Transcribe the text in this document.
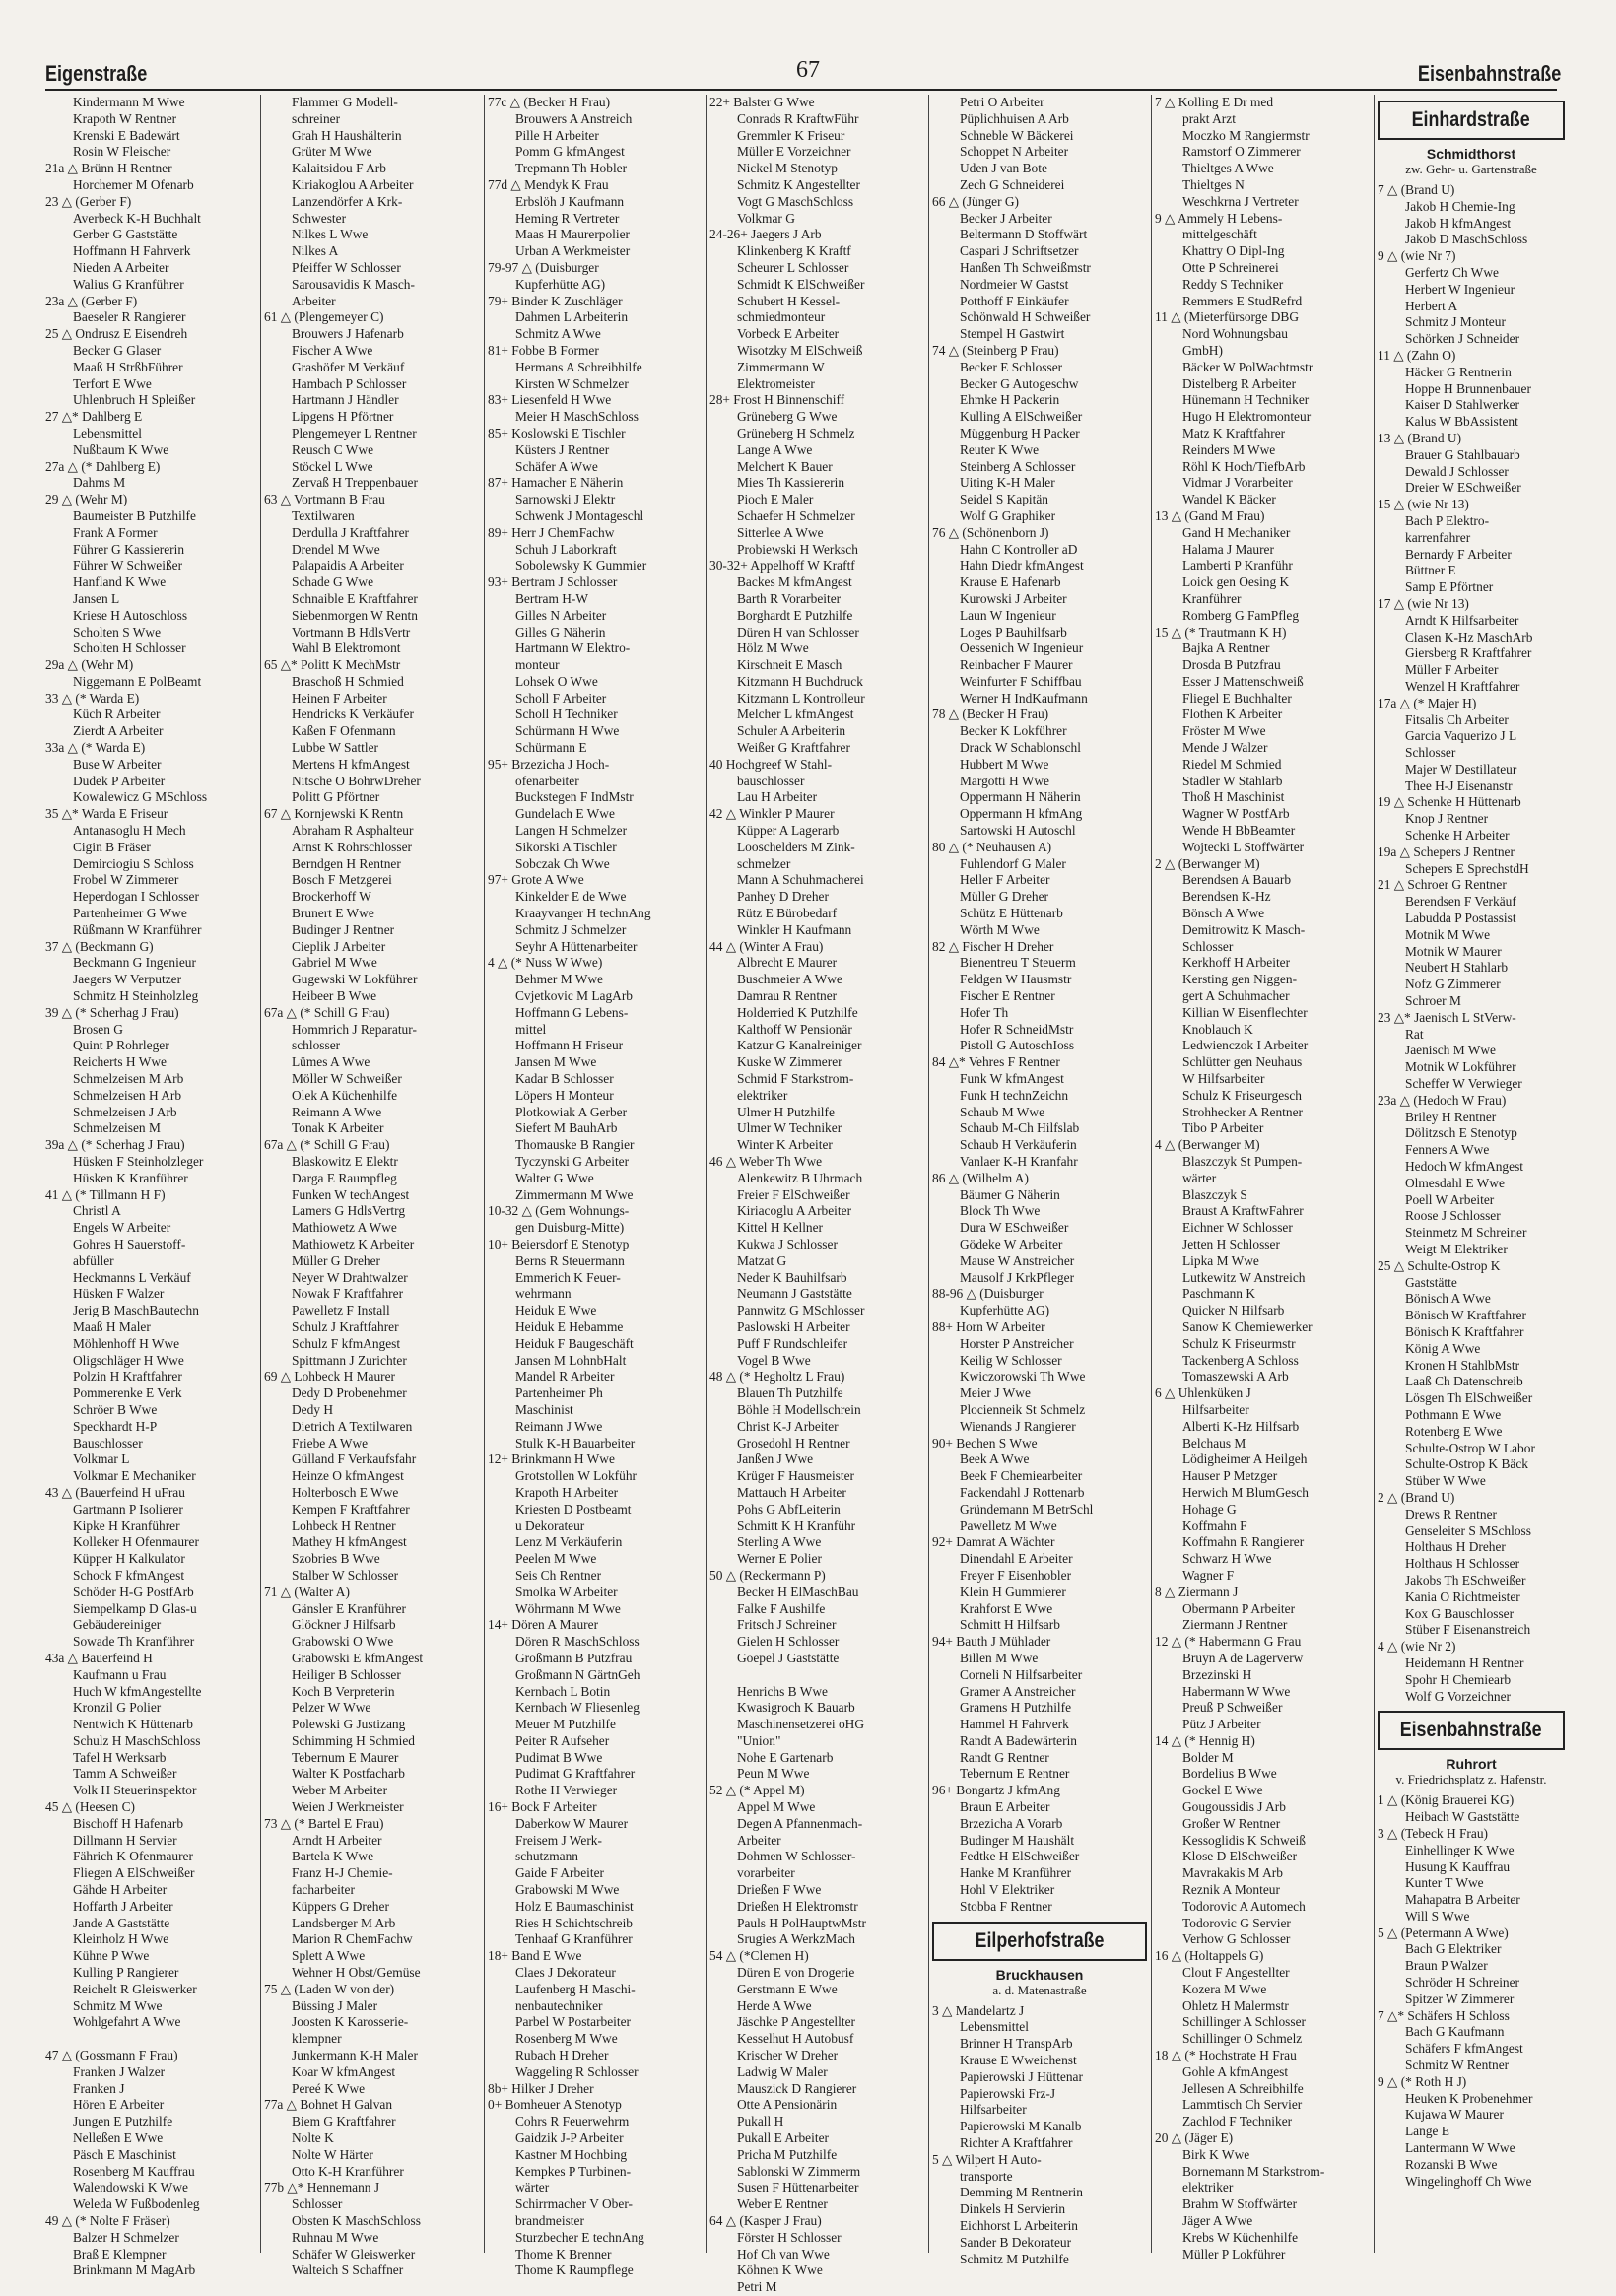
Eigenstraße	67	Eisenbahnstraße
Kindermann M Wwe
Krapoth W Rentner
Krenski E Badewärt
Rosin W Fleischer
21a △ Brünn H Rentner
Horchemer M Ofenarb
23 △ (Gerber F)
Averbeck K-H Buchhalt
Gerber G Gaststätte
Hoffmann H Fahrverk
Nieden A Arbeiter
Walius G Kranführer
23a △ (Gerber F)
Baeseler R Rangierer
25 △ Ondrusz E Eisendreh
Becker G Glaser
Maaß H StrßbFührer
Terfort E Wwe
Uhlenbruch H Spleißer
27 △* Dahlberg E
Lebensmittel
Nußbaum K Wwe
27a △ (* Dahlberg E)
Dahms M
29 △ (Wehr M)
Baumeister B Putzhilfe
Frank A Former
Führer G Kassiererin
Führer W Schweißer
Hanfland K Wwe
Jansen L
Kriese H Autoschloss
Scholten S Wwe
Scholten H Schlosser
29a △ (Wehr M)
Niggemann E PolBeamt
33 △ (* Warda E)
Küch R Arbeiter
Zierdt A Arbeiter
33a △ (* Warda E)
Buse W Arbeiter
Dudek P Arbeiter
Kowalewicz G MSchloss
35 △* Warda E Friseur
Antanasoglu H Mech
Cigin B Fräser
Demirciogiu S Schloss
Frobel W Zimmerer
Heperdogan I Schlosser
Partenheimer G Wwe
Rüßmann W Kranführer
37 △ (Beckmann G)
Beckmann G Ingenieur
Jaegers W Verputzer
Schmitz H Steinholzleg
39 △ (* Scherhag J Frau)
Brosen G
Quint P Rohrleger
Reicherts H Wwe
Schmelzeisen M Arb
Schmelzeisen H Arb
Schmelzeisen J Arb
Schmelzeisen M
39a △ (* Scherhag J Frau)
Hüsken F Steinholzleger
Hüsken K Kranführer
41 △ (* Tillmann H F)
Christl A
Engels W Arbeiter
Gohres H Sauerstoff-
abfüller
Heckmanns L Verkäuf
Hüsken F Walzer
Jerig B MaschBautechn
Maaß H Maler
Möhlenhoff H Wwe
Oligschläger H Wwe
Polzin H Kraftfahrer
Pommerenke E Verk
Schröer B Wwe
Speckhardt H-P
Bauschlosser
Volkmar L
Volkmar E Mechaniker
43 △ (Bauerfeind H uFrau
Gartmann P Isolierer
Kipke H Kranführer
Kolleker H Ofenmaurer
Küpper H Kalkulator
Schock F kfmAngest
Schöder H-G PostfArb
Siempelkamp D Glas-u
Gebäudereiniger
Sowade Th Kranführer
43a △ Bauerfeind H
Kaufmann u Frau
Huch W kfmAngestellte
Kronzil G Polier
Nentwich K Hüttenarb
Schulz H MaschSchloss
Tafel H Werksarb
Tamm A Schweißer
Volk H Steuerinspektor
45 △ (Heesen C)
Bischoff H Hafenarb
Dillmann H Servier
Fährich K Ofenmaurer
Fliegen A ElSchweißer
Gähde H Arbeiter
Hoffarth J Arbeiter
Jande A Gaststätte
Kleinholz H Wwe
Kühne P Wwe
Kulling P Rangierer
Reichelt R Gleiswerker
Schmitz M Wwe
Wohlgefahrt A Wwe

47 △ (Gossmann F Frau)
Franken J Walzer
Franken J
Hören E Arbeiter
Jungen E Putzhilfe
Nelleßen E Wwe
Päsch E Maschinist
Rosenberg M Kauffrau
Walendowski K Wwe
Weleda W Fußbodenleg
49 △ (* Nolte F Fräser)
Balzer H Schmelzer
Braß E Klempner
Brinkmann M MagArb
Flammer G Modell-
schreiner
Grah H Haushälterin
Grüter M Wwe
Kalaitsidou F Arb
Kiriakoglou A Arbeiter
Lanzendörfer A Krk-
Schwester
Nilkes L Wwe
Nilkes A
Pfeiffer W Schlosser
Sarousavidis K Masch-
Arbeiter
61 △ (Plengemeyer C)
Brouwers J Hafenarb
Fischer A Wwe
Grashöfer M Verkäuf
Hambach P Schlosser
Hartmann J Händler
Lipgens H Pförtner
Plengemeyer L Rentner
Reusch C Wwe
Stöckel L Wwe
Zervaß H Treppenbauer
63 △ Vortmann B Frau
Textilwaren
Derdulla J Kraftfahrer
Drendel M Wwe
Palapaidis A Arbeiter
Schade G Wwe
Schnaible E Kraftfahrer
Siebenmorgen W Rentn
Vortmann B HdlsVertr
Wahl B Elektromont
65 △* Politt K MechMstr
Braschoß H Schmied
Heinen F Arbeiter
Hendricks K Verkäufer
Kaßen F Ofenmann
Lubbe W Sattler
Mertens H kfmAngest
Nitsche O BohrwDreher
Politt G Pförtner
67 △ Kornjewski K Rentn
Abraham R Asphalteur
Arnst K Rohrschlosser
Berndgen H Rentner
Bosch F Metzgerei
Brockerhoff W
Brunert E Wwe
Budinger J Rentner
Cieplik J Arbeiter
Gabriel M Wwe
Gugewski W Lokführer
Heibeer B Wwe
67a △ (* Schill G Frau)
Hommrich J Reparatur-
schlosser
Lümes A Wwe
Möller W Schweißer
Olek A Küchenhilfe
Reimann A Wwe
Tonak K Arbeiter
67a △ (* Schill G Frau)
Blaskowitz E Elektr
Darga E Raumpfleg
Funken W techAngest
Lamers G HdlsVertrg
Mathiowetz A Wwe
Mathiowetz K Arbeiter
Müller G Dreher
Neyer W Drahtwalzer
Nowak F Kraftfahrer
Pawelletz F Install
Schulz J Kraftfahrer
Schulz F kfmAngest
Spittmann J Zurichter
69 △ Lohbeck H Maurer
Dedy D Probenehmer
Dedy H
Dietrich A Textilwaren
Friebe A Wwe
Gülland F Verkaufsfahr
Heinze O kfmAngest
Holterbosch E Wwe
Kempen F Kraftfahrer
Lohbeck H Rentner
Mathey H kfmAngest
Szobries B Wwe
Stalber W Schlosser
71 △ (Walter A)
Gänsler E Kranführer
Glöckner J Hilfsarb
Grabowski O Wwe
Grabowski E kfmAngest
Heiliger B Schlosser
Koch B Verpreterin
Pelzer W Wwe
Polewski G Justizang
Schimming H Schmied
Tebernum E Maurer
Walter K Postfacharb
Weber M Arbeiter
Weien J Werkmeister
73 △ (* Bartel E Frau)
Arndt H Arbeiter
Bartela K Wwe
Franz H-J Chemie-
facharbeiter
Küppers G Dreher
Landsberger M Arb
Marion R ChemFachw
Splett A Wwe
Wehner H Obst/Gemüse
75 △ (Laden W von der)
Büssing J Maler
Joosten K Karosserie-
klempner
Junkermann K-H Maler
Koar W kfmAngest
Pereé K Wwe
77a △ Bohnet H Galvan
Biem G Kraftfahrer
Nolte K
Nolte W Härter
Otto K-H Kranführer
77b △* Hennemann J
Schlosser
Obsten K MaschSchloss
Ruhnau M Wwe
Schäfer W Gleiswerker
Walteich S Schaffner
77c △ (Becker H Frau)
Brouwers A Anstreich
Pille H Arbeiter
Pomm G kfmAngest
Trepmann Th Hobler
77d △ Mendyk K Frau
Erbslöh J Kaufmann
Heming R Vertreter
Maas H Maurerpolier
Urban A Werkmeister
79-97 △ (Duisburger
Kupferhütte AG)
79+ Binder K Zuschläger
Dahmen L Arbeiterin
Schmitz A Wwe
81+ Fobbe B Former
Hermans A Schreibhilfe
Kirsten W Schmelzer
83+ Liesenfeld H Wwe
Meier H MaschSchloss
85+ Koslowski E Tischler
Küsters J Rentner
Schäfer A Wwe
87+ Hamacher E Näherin
Sarnowski J Elektr
Schwenk J Montageschl
89+ Herr J ChemFachw
Schuh J Laborkraft
Sobolewsky K Gummier
93+ Bertram J Schlosser
Bertram H-W
Gilles N Arbeiter
Gilles G Näherin
Hartmann W Elektro-
monteur
Lohsek O Wwe
Scholl F Arbeiter
Scholl H Techniker
Schürmann H Wwe
Schürmann E
95+ Brzezicha J Hoch-
ofenarbeiter
Buckstegen F IndMstr
Gundelach E Wwe
Langen H Schmelzer
Sikorski A Tischler
Sobczak Ch Wwe
97+ Grote A Wwe
Kinkelder E de Wwe
Kraayvanger H technAng
Schmitz J Schmelzer
Seyhr A Hüttenarbeiter
4 △ (* Nuss W Wwe)
Behmer M Wwe
Cvjetkovic M LagArb
Hoffmann G Lebens-
mittel
Hoffmann H Friseur
Jansen M Wwe
Kadar B Schlosser
Löpers H Monteur
Plotkowiak A Gerber
Siefert M BauhArb
Thomauske B Rangier
Tyczynski G Arbeiter
Walter G Wwe
Zimmermann M Wwe
10-32 △ (Gem Wohnungs-
gen Duisburg-Mitte)
10+ Beiersdorf E Stenotyp
Berns R Steuermann
Emmerich K Feuer-
wehrmann
Heiduk E Wwe
Heiduk E Hebamme
Heiduk F Baugeschäft
Jansen M LohnbHalt
Mandel R Arbeiter
Partenheimer Ph
Maschinist
Reimann J Wwe
Stulk K-H Bauarbeiter
12+ Brinkmann H Wwe
Grotstollen W Lokführ
Krapoth H Arbeiter
Kriesten D Postbeamt
u Dekorateur
Lenz M Verkäuferin
Peelen M Wwe
Seis Ch Rentner
Smolka W Arbeiter
Wöhrmann M Wwe
14+ Dören A Maurer
Dören R MaschSchloss
Großmann B Putzfrau
Großmann N GärtnGeh
Kernbach L Botin
Kernbach W Fliesenleg
Meuer M Putzhilfe
Peiter R Aufseher
Pudimat B Wwe
Pudimat G Kraftfahrer
Rothe H Verwieger
16+ Bock F Arbeiter
Daberkow W Maurer
Freisem J Werk-
schutzmann
Gaide F Arbeiter
Grabowski M Wwe
Holz E Baumaschinist
Ries H Schichtschreib
Tenhaaf G Kranführer
18+ Band E Wwe
Claes J Dekorateur
Laufenberg H Maschi-
nenbautechniker
Parbel W Postarbeiter
Rosenberg M Wwe
Rubach H Dreher
Waggeling R Schlosser
8b+ Hilker J Dreher
0+ Bomheuer A Stenotyp
Cohrs R Feuerwehrm
Gaidzik J-P Arbeiter
Kastner M Hochbing
Kempkes P Turbinen-
wärter
Schirrmacher V Ober-
brandmeister
Sturzbecher E technAng
Thome K Brenner
Thome K Raumpflege
22+ Balster G Wwe
Conrads R KraftwFühr
Gremmler K Friseur
Müller E Vorzeichner
Nickel M Stenotyp
Schmitz K Angestellter
Vogt G MaschSchloss
Volkmar G
24-26+ Jaegers J Arb
Klinkenberg K Kraftf
Scheurer L Schlosser
Schmidt K ElSchweißer
Schubert H Kessel-
schmiedmonteur
Vorbeck E Arbeiter
Wisotzky M ElSchweiß
Zimmermann W
Elektromeister
28+ Frost H Binnenschiff
Grüneberg G Wwe
Grüneberg H Schmelz
Lange A Wwe
Melchert K Bauer
Mies Th Kassiererin
Pioch E Maler
Schaefer H Schmelzer
Sitterlee A Wwe
Probiewski H Werksch
30-32+ Appelhoff W Kraftf
Backes M kfmAngest
Barth R Vorarbeiter
Borghardt E Putzhilfe
Düren H van Schlosser
Hölz M Wwe
Kirschneit E Masch
Kitzmann H Buchdruck
Kitzmann L Kontrolleur
Melcher L kfmAngest
Schuler A Arbeiterin
Weißer G Kraftfahrer
40 Hochgreef W Stahl-
bauschlosser
Lau H Arbeiter
42 △ Winkler P Maurer
Küpper A Lagerarb
Looschelders M Zink-
schmelzer
Mann A Schuhmacherei
Panhey D Dreher
Rütz E Bürobedarf
Winkler H Kaufmann
44 △ (Winter A Frau)
Albrecht E Maurer
Buschmeier A Wwe
Damrau R Rentner
Holderried K Putzhilfe
Kalthoff W Pensionär
Katzur G Kanalreiniger
Kuske W Zimmerer
Schmid F Starkstrom-
elektriker
Ulmer H Putzhilfe
Ulmer W Techniker
Winter K Arbeiter
46 △ Weber Th Wwe
Alenkewitz B Uhrmach
Freier F ElSchweißer
Kiriacoglu A Arbeiter
Kittel H Kellner
Kukwa J Schlosser
Matzat G
Neder K Bauhilfsarb
Neumann J Gaststätte
Pannwitz G MSchlosser
Paslowski H Arbeiter
Puff F Rundschleifer
Vogel B Wwe
48 △ (* Hegholtz L Frau)
Blauen Th Putzhilfe
Böhle H Modellschrein
Christ K-J Arbeiter
Grosedohl H Rentner
Janßen J Wwe
Krüger F Hausmeister
Mattauch H Arbeiter
Pohs G AbfLeiterin
Schmitt K H Kranführ
Sterling A Wwe
Werner E Polier
50 △ (Reckermann P)
Becker H ElMaschBau
Falke F Aushilfe
Fritsch J Schreiner
Gielen H Schlosser
Goepel J Gaststätte

Henrichs B Wwe
Kwasigroch K Bauarb
Maschinensetzerei oHG
"Union"
Nohe E Gartenarb
Peun M Wwe
52 △ (* Appel M)
Appel M Wwe
Degen A Pfannenmach-
Arbeiter
Dohmen W Schlosser-
vorarbeiter
Drießen F Wwe
Drießen H Elektromstr
Pauls H PolHauptwMstr
Srugies A WerkzMach
54 △ (*Clemen H)
Düren E von Drogerie
Gerstmann E Wwe
Herde A Wwe
Jäschke P Angestellter
Kesselhut H Autobusf
Krischer W Dreher
Ladwig W Maler
Mauszick D Rangierer
Otte A Pensionärin
Pukall H
Pukall E Arbeiter
Pricha M Putzhilfe
Sablonski W Zimmerm
Susen F Hüttenarbeiter
Weber E Rentner
64 △ (Kasper J Frau)
Förster H Schlosser
Hof Ch van Wwe
Köhnen K Wwe
Petri M
Petri O Arbeiter
Püplichhuisen A Arb
Schneble W Bäckerei
Schoppet N Arbeiter
Uden J van Bote
Zech G Schneiderei
66 △ (Jünger G)
Becker J Arbeiter
Beltermann D Stoffwärt
Caspari J Schriftsetzer
Hanßen Th Schweißmstr
Nordmeier W Gastst
Potthoff F Einkäufer
Schönwald H Schweißer
Stempel H Gastwirt
74 △ (Steinberg P Frau)
Becker E Schlosser
Becker G Autogeschw
Ehmke H Packerin
Kulling A ElSchweißer
Müggenburg H Packer
Reuter K Wwe
Steinberg A Schlosser
Uiting K-H Maler
Seidel S Kapitän
Wolf G Graphiker
76 △ (Schönenborn J)
Hahn C Kontroller aD
Hahn Diedr kfmAngest
Krause E Hafenarb
Kurowski J Arbeiter
Laun W Ingenieur
Loges P Bauhilfsarb
Oessenich W Ingenieur
Reinbacher F Maurer
Weinfurter F Schiffbau
Werner H IndKaufmann
78 △ (Becker H Frau)
Becker K Lokführer
Drack W Schablonschl
Hubbert M Wwe
Margotti H Wwe
Oppermann H Näherin
Oppermann H kfmAng
Sartowski H Autoschl
80 △ (* Neuhausen A)
Fuhlendorf G Maler
Heller F Arbeiter
Müller G Dreher
Schütz E Hüttenarb
Wörth M Wwe
82 △ Fischer H Dreher
Bienentreu T Steuerm
Feldgen W Hausmstr
Fischer E Rentner
Hofer Th
Hofer R SchneidMstr
Pistoll G AutoschIoss
84 △* Vehres F Rentner
Funk W kfmAngest
Funk H technZeichn
Schaub M Wwe
Schaub M-Ch Hilfslab
Schaub H Verkäuferin
Vanlaer K-H Kranfahr
86 △ (Wilhelm A)
Bäumer G Näherin
Block Th Wwe
Dura W ESchweißer
Gödeke W Arbeiter
Mause W Anstreicher
Mausolf J KrkPfleger
88-96 △ (Duisburger
Kupferhütte AG)
88+ Horn W Arbeiter
Horster P Anstreicher
Keilig W Schlosser
Kwiczorowski Th Wwe
Meier J Wwe
Plocienneik St Schmelz
Wienands J Rangierer
90+ Bechen S Wwe
Beek A Wwe
Beek F Chemiearbeiter
Fackendahl J Rottenarb
Gründemann M BetrSchl
Pawelletz M Wwe
92+ Damrat A Wächter
Dinendahl E Arbeiter
Freyer F Eisenhobler
Klein H Gummierer
Krahforst E Wwe
Schmitt H Hilfsarb
94+ Bauth J Mühlader
Billen M Wwe
Corneli N Hilfsarbeiter
Gramer A Anstreicher
Gramens H Putzhilfe
Hammel H Fahrverk
Randt A Badewärterin
Randt G Rentner
Tebernum E Rentner
96+ Bongartz J kfmAng
Braun E Arbeiter
Brzezicha A Vorarb
Budinger M Haushält
Fedtke H ElSchweißer
Hanke M Kranführer
Hohl V Elektriker
Stobba F Rentner
Eilperhofstraße
Bruckhausen
a. d. Matenastraße
3 △ Mandelartz J
Lebensmittel
Brinner H TranspArb
Krause E Wweichenst
Papierowski J Hüttenar
Papierowski Frz-J
Hilfsarbeiter
Papierowski M Kanalb
Richter A Kraftfahrer
5 △ Wilpert H Auto-
transporte
Demming M Rentnerin
Dinkels H Servierin
Eichhorst L Arbeiterin
Sander B Dekorateur
Schmitz M Putzhilfe
7 △ Kolling E Dr med
prakt Arzt
Moczko M Rangiermstr
Ramstorf O Zimmerer
Thieltges A Wwe
Thieltges N
Weschkrna J Vertreter
9 △ Ammely H Lebens-
mittelgeschäft
Khattry O Dipl-Ing
Otte P Schreinerei
Reddy S Techniker
Remmers E StudRefrd
11 △ (Mieterfürsorge DBG
Nord Wohnungsbau
GmbH)
Bäcker W PolWachtmstr
Distelberg R Arbeiter
Hünemann H Techniker
Hugo H Elektromonteur
Matz K Kraftfahrer
Reinders M Wwe
Röhl K Hoch/TiefbArb
Vidmar J Vorarbeiter
Wandel K Bäcker
13 △ (Gand M Frau)
Gand H Mechaniker
Halama J Maurer
Lamberti P Kranführ
Loick gen Oesing K
Kranführer
Romberg G FamPfleg
15 △ (* Trautmann K H)
Bajka A Rentner
Drosda B Putzfrau
Esser J Mattenschweiß
Fliegel E Buchhalter
Flothen K Arbeiter
Fröster M Wwe
Mende J Walzer
Riedel M Schmied
Stadler W Stahlarb
Thoß H Maschinist
Wagner W PostfArb
Wende H BbBeamter
Wojtecki L Stoffwärter
2 △ (Berwanger M)
Berendsen A Bauarb
Berendsen K-Hz
Bönsch A Wwe
Demitrowitz K Masch-
Schlosser
Kerkhoff H Arbeiter
Kersting gen Niggen-
gert A Schuhmacher
Killian W Eisenflechter
Knoblauch K
Ledwienczok I Arbeiter
Schlütter gen Neuhaus
W Hilfsarbeiter
Schulz K Friseurgesch
Strohhecker A Rentner
Tibo P Arbeiter
4 △ (Berwanger M)
Blaszczyk St Pumpen-
wärter
Blaszczyk S
Braust A KraftwFahrer
Eichner W Schlosser
Jetten H Schlosser
Lipka M Wwe
Lutkewitz W Anstreich
Paschmann K
Quicker N Hilfsarb
Sanow K Chemiewerker
Schulz K Friseurmstr
Tackenberg A Schloss
Tomaszewski A Arb
6 △ Uhlenküken J
Hilfsarbeiter
Alberti K-Hz Hilfsarb
Belchaus M
Lödigheimer A Heilgeh
Hauser P Metzger
Herwich M BlumGesch
Hohage G
Koffmahn F
Koffmahn R Rangierer
Schwarz H Wwe
Wagner F
8 △ Ziermann J
Obermann P Arbeiter
Ziermann J Rentner
12 △ (* Habermann G Frau
Bruyn A de Lagerverw
Brzezinski H
Habermann W Wwe
Preuß P Schweißer
Pütz J Arbeiter
14 △ (* Hennig H)
Bolder M
Bordelius B Wwe
Gockel E Wwe
Gougoussidis J Arb
Großer W Rentner
Kessoglidis K Schweiß
Klose D ElSchweißer
Mavrakakis M Arb
Reznik A Monteur
Todorovic A Automech
Todorovic G Servier
Verhow G Schlosser
16 △ (Holtappels G)
Clout F Angestellter
Kozera M Wwe
Ohletz H Malermstr
Schillinger A Schlosser
Schillinger O Schmelz
18 △ (* Hochstrate H Frau
Gohle A kfmAngest
Jellesen A Schreibhilfe
Lammtisch Ch Servier
Zachlod F Techniker
20 △ (Jäger E)
Birk K Wwe
Bornemann M Starkstrom-
elektriker
Brahm W Stoffwärter
Jäger A Wwe
Krebs W Küchenhilfe
Müller P Lokführer
Einhardstraße
Schmidthorst
zw. Gehr- u. Gartenstraße
7 △ (Brand U)
Jakob H Chemie-Ing
Jakob H kfmAngest
Jakob D MaschSchloss
9 △ (wie Nr 7)
Gerfertz Ch Wwe
Herbert W Ingenieur
Herbert A
Schmitz J Monteur
Schörken J Schneider
11 △ (Zahn O)
Häcker G Rentnerin
Hoppe H Brunnenbauer
Kaiser D Stahlwerker
Kalus W BbAssistent
13 △ (Brand U)
Brauer G Stahlbauarb
Dewald J Schlosser
Dreier W ESchweißer
15 △ (wie Nr 13)
Bach P Elektro-
karrenfahrer
Bernardy F Arbeiter
Büttner E
Samp E Pförtner
17 △ (wie Nr 13)
Arndt K Hilfsarbeiter
Clasen K-Hz MaschArb
Giersberg R Kraftfahrer
Müller F Arbeiter
Wenzel H Kraftfahrer
17a △ (* Majer H)
Fitsalis Ch Arbeiter
Garcia Vaquerizo J L
Schlosser
Majer W Destillateur
Thee H-J Eisenanstr
19 △ Schenke H Hüttenarb
Knop J Rentner
Schenke H Arbeiter
19a △ Schepers J Rentner
Schepers E SprechstdH
21 △ Schroer G Rentner
Berendsen F Verkäuf
Labudda P Postassist
Motnik M Wwe
Motnik W Maurer
Neubert H Stahlarb
Nofz G Zimmerer
Schroer M
23 △* Jaenisch L StVerw-
Rat
Jaenisch M Wwe
Motnik W Lokführer
Scheffer W Verwieger
23a △ (Hedoch W Frau)
Briley H Rentner
Dölitzsch E Stenotyp
Fenners A Wwe
Hedoch W kfmAngest
Olmesdahl E Wwe
Poell W Arbeiter
Roose J Schlosser
Steinmetz M Schreiner
Weigt M Elektriker
25 △ Schulte-Ostrop K
Gaststätte
Bönisch A Wwe
Bönisch W Kraftfahrer
Bönisch K Kraftfahrer
König A Wwe
Kronen H StahlbMstr
Laaß Ch Datenschreib
Lösgen Th ElSchweißer
Pothmann E Wwe
Rotenberg E Wwe
Schulte-Ostrop W Labor
Schulte-Ostrop K Bäck
Stüber W Wwe
2 △ (Brand U)
Drews R Rentner
Genseleiter S MSchloss
Holthaus H Dreher
Holthaus H Schlosser
Jakobs Th ESchweißer
Kania O Richtmeister
Kox G Bauschlosser
Stüber F Eisenanstreich
4 △ (wie Nr 2)
Heidemann H Rentner
Spohr H Chemiearb
Wolf G Vorzeichner
Eisenbahnstraße
Ruhrort
v. Friedrichsplatz z. Hafenstr.
1 △ (König Brauerei KG)
Heibach W Gaststätte
3 △ (Tebeck H Frau)
Einhellinger K Wwe
Husung K Kauffrau
Kunter T Wwe
Mahapatra B Arbeiter
Will S Wwe
5 △ (Petermann A Wwe)
Bach G Elektriker
Braun P Walzer
Schröder H Schreiner
Spitzer W Zimmerer
7 △* Schäfers H Schloss
Bach G Kaufmann
Schäfers F kfmAngest
Schmitz W Rentner
9 △ (* Roth H J)
Heuken K Probenehmer
Kujawa W Maurer
Lange E
Lantermann W Wwe
Rozanski B Wwe
Wingelinghoff Ch Wwe
